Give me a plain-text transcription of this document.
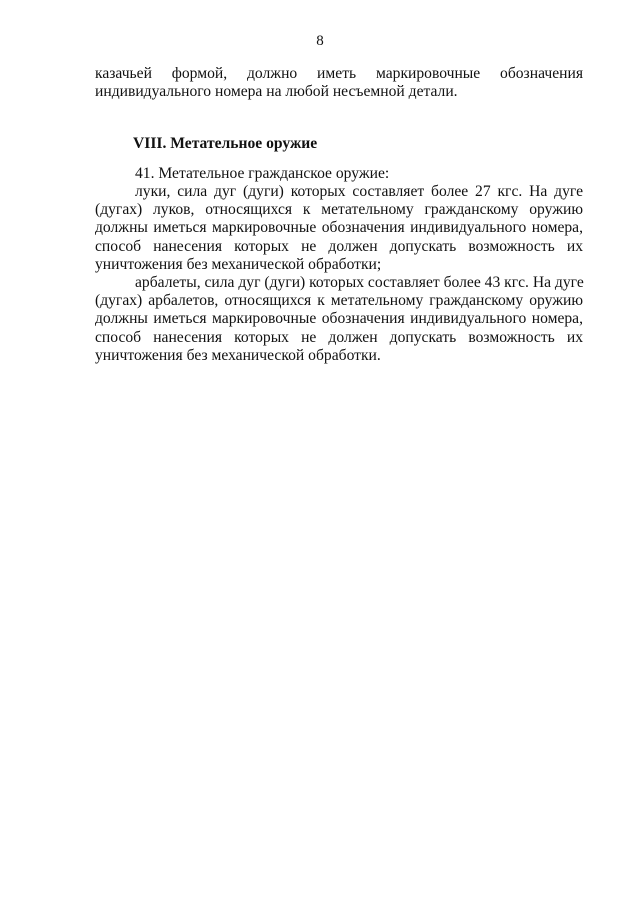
8
казачьей формой, должно иметь маркировочные обозначения
индивидуального номера на любой несъемной детали.
VIII. Метательное оружие
41. Метательное гражданское оружие:
луки, сила дуг (дуги) которых составляет более 27 кгс. На дуге
(дугах) луков, относящихся к метательному гражданскому оружию
должны иметься маркировочные обозначения индивидуального номера,
способ нанесения которых не должен допускать возможность их
уничтожения без механической обработки;
арбалеты, сила дуг (дуги) которых составляет более 43 кгс. На дуге
(дугах) арбалетов, относящихся к метательному гражданскому оружию
должны иметься маркировочные обозначения индивидуального номера,
способ нанесения которых не должен допускать возможность их
уничтожения без механической обработки.
